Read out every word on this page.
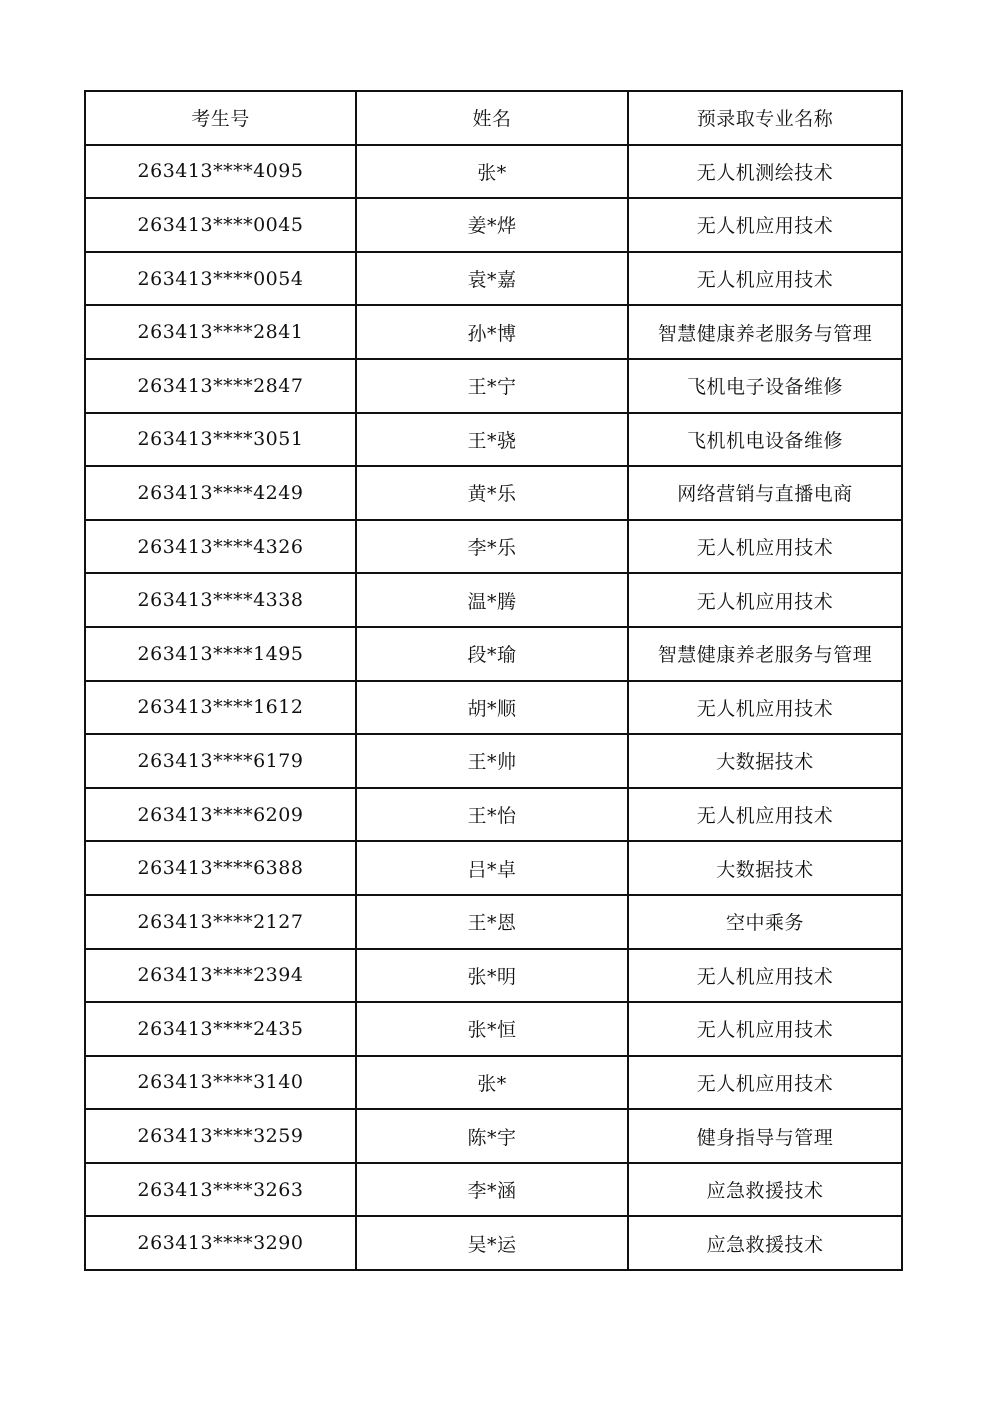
考生号	姓名	预录取专业名称
263413****4095	张*	无人机测绘技术
263413****0045	姜*烨	无人机应用技术
263413****0054	袁*嘉	无人机应用技术
263413****2841	孙*博	智慧健康养老服务与管理
263413****2847	王*宁	飞机电子设备维修
263413****3051	王*骁	飞机机电设备维修
263413****4249	黄*乐	网络营销与直播电商
263413****4326	李*乐	无人机应用技术
263413****4338	温*腾	无人机应用技术
263413****1495	段*瑜	智慧健康养老服务与管理
263413****1612	胡*顺	无人机应用技术
263413****6179	王*帅	大数据技术
263413****6209	王*怡	无人机应用技术
263413****6388	吕*卓	大数据技术
263413****2127	王*恩	空中乘务
263413****2394	张*明	无人机应用技术
263413****2435	张*恒	无人机应用技术
263413****3140	张*	无人机应用技术
263413****3259	陈*宇	健身指导与管理
263413****3263	李*涵	应急救援技术
263413****3290	吴*运	应急救援技术
